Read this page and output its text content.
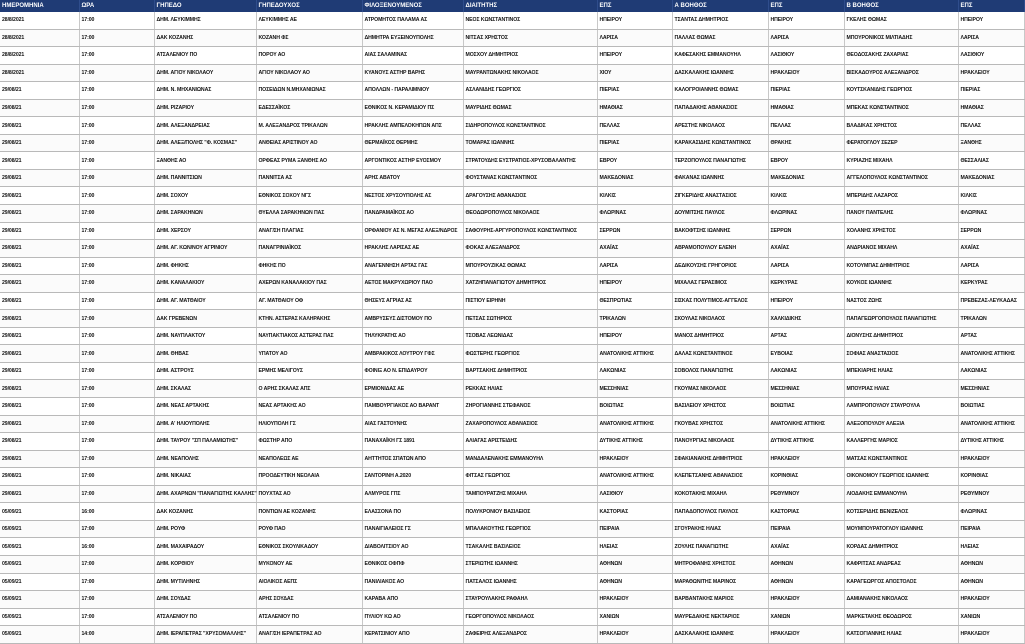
ΗΜΕΡΟΜΗΝΙΑ	ΩΡΑ	ΓΗΠΕΔΟ	ΓΗΠΕΔΟΥΧΟΣ	ΦΙΛΟΞΕΝΟΥΜΕΝΟΣ	ΔΙΑΙΤΗΤΗΣ	ΕΠΣ	Α ΒΟΗΘΟΣ	ΕΠΣ	Β ΒΟΗΘΟΣ	ΕΠΣ
28/8/2021	17:00	ΔΗΜ. ΛΕΥΚΙΜΜΗΣ	ΛΕΥΚΙΜΜΗΣ ΑΕ	ΑΤΡΟΜΗΤΟΣ ΠΑΛΑΜΑ ΑΣ	ΝΕΟΣ ΚΩΝΣΤΑΝΤΙΝΟΣ	ΗΠΕΙΡΟΥ	ΤΣΑΝΤΑΣ ΔΗΜΗΤΡΙΟΣ	ΗΠΕΙΡΟΥ	ΓΚΕΛΗΣ ΘΩΜΑΣ	ΗΠΕΙΡΟΥ
28/8/2021	17:00	ΔΑΚ ΚΟΖΑΝΗΣ	ΚΟΖΑΝΗ ΦΣ	ΔΗΜΗΤΡΑ ΕΥΞΕΙΝΟΥΠΟΛΗΣ	ΝΙΤΣΑΣ ΧΡΗΣΤΟΣ	ΛΑΡΙΣΑ	ΠΑΛΛΑΣ ΘΩΜΑΣ	ΛΑΡΙΣΑ	ΜΠΟΥΡΟΝΙΚΟΣ ΜΙΛΤΙΑΔΗΣ	ΛΑΡΙΣΑ
28/8/2021	17:00	ΑΤΣΑΛΕΝΙΟΥ ΠΟ	ΠΟΡΟΥ ΑΟ	ΑΙΑΣ ΣΑΛΑΜΙΝΑΣ	ΜΟΣΧΟΥ ΔΗΜΗΤΡΙΟΣ	ΗΠΕΙΡΟΥ	ΚΑΦΕΣΑΚΗΣ ΕΜΜΑΝΟΥΗΛ	ΛΑΣΙΘΙΟΥ	ΘΕΟΔΟΣΑΚΗΣ ΖΑΧΑΡΙΑΣ	ΛΑΣΙΘΙΟΥ
28/8/2021	17:00	ΔΗΜ. ΑΓΙΟΥ ΝΙΚΟΛΑΟΥ	ΑΓΙΟΥ ΝΙΚΟΛΑΟΥ ΑΟ	ΚΥΑΝΟΥΣ ΑΣΤΗΡ ΒΑΡΗΣ	ΜΑΥΡΑΝΤΩΝΑΚΗΣ ΝΙΚΟΛΑΟΣ	ΧΙΟΥ	ΔΑΣΚΑΛΑΚΗΣ ΙΩΑΝΝΗΣ	ΗΡΑΚΛΕΙΟΥ	ΒΙΣΚΑΔΟΥΡΟΣ ΑΛΕΞΑΝΔΡΟΣ	ΗΡΑΚΛΕΙΟΥ
29/08/21	17:00	ΔΗΜ. Ν. ΜΗΧΑΝΙΩΝΑΣ	ΠΟΣΕΙΔΩΝ Ν.ΜΗΧΑΝΙΩΝΑΣ	ΑΠΟΛΛΩΝ - ΠΑΡΑΛΙΜΝΙΟΥ	ΑΣΛΑΝΙΔΗΣ ΓΕΩΡΓΙΟΣ	ΠΙΕΡΙΑΣ	ΚΑΛΟΓΡΟΙΑΝΝΗΣ ΘΩΜΑΣ	ΠΙΕΡΙΑΣ	ΚΟΥΤΣΚΑΝΙΔΗΣ ΓΕΩΡΓΙΟΣ	ΠΙΕΡΙΑΣ
29/08/21	17:00	ΔΗΜ. ΡΙΖΑΡΙΟΥ	ΕΔΕΣΣΑΪΚΟΣ	ΕΘΝΙΚΟΣ Ν. ΚΕΡΑΜΙΔΙΟΥ ΠΣ	ΜΑΥΡΙΔΗΣ ΘΩΜΑΣ	ΗΜΑΘΙΑΣ	ΠΑΠΑΔΑΚΗΣ ΑΘΑΝΑΣΙΟΣ	ΗΜΑΘΙΑΣ	ΜΠΕΚΑΣ ΚΩΝΣΤΑΝΤΙΝΟΣ	ΗΜΑΘΙΑΣ
29/08/21	17:00	ΔΗΜ. ΑΛΕΞΑΝΔΡΕΙΑΣ	Μ. ΑΛΕΞΑΝΔΡΟΣ ΤΡΙΚΑΛΩΝ	ΗΡΑΚΛΗΣ ΑΜΠΕΛΟΚΗΠΩΝ ΑΠΣ	ΣΙΔΗΡΟΠΟΥΛΟΣ ΚΩΝΣΤΑΝΤΙΝΟΣ	ΠΕΛΛΑΣ	ΑΡΕΣΤΗΣ ΝΙΚΟΛΑΟΣ	ΠΕΛΛΑΣ	ΒΛΑΔΙΚΑΣ ΧΡΗΣΤΟΣ	ΠΕΛΛΑΣ
29/08/21	17:00	ΔΗΜ. ΑΛΕΞ/ΠΟΛΗΣ "Φ. ΚΟΣΜΑΣ"	ΑΝΘΕΙΑΣ ΑΡΙΣΤΙΝΟΥ ΑΟ	ΘΕΡΜΑΪΚΟΣ ΘΕΡΜΗΣ	ΤΟΜΑΡΑΣ ΙΩΑΝΝΗΣ	ΠΙΕΡΙΑΣ	ΚΑΡΑΚΑΣΙΔΗΣ ΚΩΝΣΤΑΝΤΙΝΟΣ	ΘΡΑΚΗΣ	ΦΕΡΑΤΟΓΛΟΥ ΣΕΖΕΡ	ΞΑΝΘΗΣ
29/08/21	17:00	ΞΑΝΘΗΣ ΑΟ	ΟΡΦΕΑΣ ΡΥΜΑ ΞΑΝΘΗΣ ΑΟ	ΑΡΓΟΝΤΙΚΟΣ ΑΣΤΗΡ ΕΥΟΣΜΟΥ	ΣΤΡΑΤΟΥΔΗΣ ΕΥΣΤΡΑΤΙΟΣ-ΧΡΥΣΟΒΑΛΑΝΤΗΣ	ΕΒΡΟΥ	ΤΕΡΖΟΠΟΥΛΟΣ ΠΑΝΑΓΙΩΤΗΣ	ΕΒΡΟΥ	ΚΥΡΙΑΖΗΣ ΜΙΧΑΗΛ	ΘΕΣΣΑΛΙΑΣ
29/08/21	17:00	ΔΗΜ. ΠΑΝΝΙΤΣΙΩΝ	ΠΑΝΝΙΤΣΑ ΑΣ	ΑΡΗΣ ΑΒΑΤΟΥ	ΦΟΥΣΤΑΝΑΣ ΚΩΝΣΤΑΝΤΙΝΟΣ	ΜΑΚΕΔΟΝΙΑΣ	ΦΑΚΑΝΑΣ ΙΩΑΝΝΗΣ	ΜΑΚΕΔΟΝΙΑΣ	ΑΓΓΕΛΟΠΟΥΛΟΣ ΚΩΝΣΤΑΝΤΙΝΟΣ	ΜΑΚΕΔΟΝΙΑΣ
29/08/21	17:00	ΔΗΜ. ΣΟΧΟΥ	ΕΘΝΙΚΟΣ ΣΟΧΟΥ ΝΓΣ	ΝΕΣΤΟΣ ΧΡΥΣΟΥΠΟΛΗΣ ΑΣ	ΔΡΑΓΟΥΣΗΣ ΑΘΑΝΑΣΙΟΣ	ΚΙΛΚΙΣ	ΖΙΓΚΕΡΙΔΗΣ ΑΝΑΣΤΑΣΙΟΣ	ΚΙΛΚΙΣ	ΜΠΕΡΙΔΗΣ ΛΑΖΑΡΟΣ	ΚΙΛΚΙΣ
29/08/21	17:00	ΔΗΜ. ΣΑΡΑΚΗΝΩΝ	ΘΥΕΛΛΑ ΣΑΡΑΚΗΝΩΝ ΠΑΣ	ΠΑΝΔΡΑΜΑΪΚΟΣ ΑΟ	ΘΕΟΔΩΡΟΠΟΥΛΟΣ ΝΙΚΟΛΑΟΣ	ΦΛΩΡΙΝΑΣ	ΔΟΥΜΙΤΣΗΣ ΠΑΥΛΟΣ	ΦΛΩΡΙΝΑΣ	ΠΑΝΟΥ ΠΑΝΤΕΛΗΣ	ΦΛΩΡΙΝΑΣ
29/08/21	17:00	ΔΗΜ. ΧΕΡΣΟΥ	ΑΝΑΓ/ΣΗ ΠΛΑΓΙΑΣ	ΟΡΦΑΝΙΟΥ ΑΣ Ν. ΜΕΓΑΣ ΑΛΕΞ/ΝΔΡΟΣ	ΣΑΦΟΥΡΗΣ-ΑΡΓΥΡΟΠΟΥΛΟΣ ΚΩΝΣΤΑΝΤΙΝΟΣ	ΣΕΡΡΩΝ	ΒΑΚΟΦΤΣΗΣ ΙΩΑΝΝΗΣ	ΣΕΡΡΩΝ	ΧΟΛΑΝΗΣ ΧΡΗΣΤΟΣ	ΣΕΡΡΩΝ
29/08/21	17:00	ΔΗΜ. ΑΓ. ΚΩΝ/ΝΟΥ ΑΓΡΙΝΙΟΥ	ΠΑΝΑΓΡΙΝΙΑΪΚΟΣ	ΗΡΑΚΛΗΣ ΛΑΡΙΣΑΣ ΑΕ	ΦΟΚΑΣ ΑΛΕΞΑΝΔΡΟΣ	ΑΧΑΪΑΣ	ΑΒΡΑΜΟΠΟΥΛΟΥ ΕΛΕΝΗ	ΑΧΑΪΑΣ	ΑΝΔΡΙΑΝΟΣ ΜΙΧΑΗΛ	ΑΧΑΪΑΣ
29/08/21	17:00	ΔΗΜ. ΦΗΚΗΣ	ΦΗΚΗΣ ΠΟ	ΑΝΑΓΕΝΝΗΣΗ ΑΡΤΑΣ ΓΑΣ	ΜΠΟΥΡΟΥΖΙΚΑΣ ΘΩΜΑΣ	ΛΑΡΙΣΑ	ΔΕΔΙΚΟΥΣΗΣ ΓΡΗΓΟΡΙΟΣ	ΛΑΡΙΣΑ	ΚΟΤΟΥΜΠΑΣ ΔΗΜΗΤΡΙΟΣ	ΛΑΡΙΣΑ
29/08/21	17:00	ΔΗΜ. ΚΑΝΑΛΑΚΙΟΥ	ΑΧΕΡΩΝ ΚΑΝΑΛΑΚΙΟΥ ΠΑΣ	ΑΕΤΟΣ ΜΑΚΡΥΧΩΡΙΟΥ ΠΑΟ	ΧΑΤΖΗΠΑΝΑΓΙΩΤΟΥ ΔΗΜΗΤΡΙΟΣ	ΗΠΕΙΡΟΥ	ΜΙΧΑΛΑΣ ΓΕΡΑΣΙΜΟΣ	ΚΕΡΚΥΡΑΣ	ΚΟΥΚΟΣ ΙΩΑΝΝΗΣ	ΚΕΡΚΥΡΑΣ
29/08/21	17:00	ΔΗΜ. ΑΓ. ΜΑΤΘΑΙΟΥ	ΑΓ. ΜΑΤΘΑΙΟΥ ΟΦ	ΘΗΣΕΥΣ ΑΓΡΙΑΣ ΑΣ	ΠΙΣΤΙΟΥ ΕΙΡΗΝΗ	ΘΕΣΠΡΩΤΙΑΣ	ΣΙΣΚΑΣ ΠΟΛΥΤΙΜΟΣ-ΑΓΓΕΛΟΣ	ΗΠΕΙΡΟΥ	ΝΑΣΤΟΣ ΖΩΗΣ	ΠΡΕΒΕΖΑΣ-ΛΕΥΚΑΔΑΣ
29/08/21	17:00	ΔΑΚ ΓΡΕΒΕΝΩΝ	ΚΤΗΝ. ΑΣΤΕΡΑΣ ΚΑΛΗΡΑΚΗΣ	ΑΜΒΡΥΣΕΥΣ ΔΙΣΤΟΜΟΥ ΠΟ	ΠΕΤΣΑΣ ΣΩΤΗΡΙΟΣ	ΤΡΙΚΑΛΩΝ	ΣΚΟΥΛΑΣ ΝΙΚΟΛΑΟΣ	ΧΑΛΚΙΔΙΚΗΣ	ΠΑΠΑΓΕΩΡΓΟΠΟΥΛΟΣ ΠΑΝΑΓΙΩΤΗΣ	ΤΡΙΚΑΛΩΝ
29/08/21	17:00	ΔΗΜ. ΝΑΥΠΛΑΚΤΟΥ	ΝΑΥΠΑΚΤΙΑΚΟΣ ΑΣΤΕΡΑΣ ΠΑΣ	ΤΗΛΥΚΡΑΤΗΣ ΑΟ	ΤΣΟΒΑΣ ΛΕΩΝΙΔΑΣ	ΗΠΕΙΡΟΥ	ΜΑΝΟΣ ΔΗΜΗΤΡΙΟΣ	ΑΡΤΑΣ	ΔΙΟΝΥΣΗΣ ΔΗΜΗΤΡΙΟΣ	ΑΡΤΑΣ
29/08/21	17:00	ΔΗΜ. ΘΗΒΑΣ	ΥΠΑΤΟΥ ΑΟ	ΑΜΒΡΑΚΙΚΟΣ ΛΟΥΤΡΟΥ ΓΦΣ	ΦΩΣΤΕΡΗΣ ΓΕΩΡΓΙΟΣ	ΑΝΑΤΟΛΙΚΗΣ ΑΤΤΙΚΗΣ	ΔΑΛΑΣ ΚΩΝΣΤΑΝΤΙΝΟΣ	ΕΥΒΟΙΑΣ	ΣΟΦΙΑΣ ΑΝΑΣΤΑΣΙΟΣ	ΑΝΑΤΟΛΙΚΗΣ ΑΤΤΙΚΗΣ
29/08/21	17:00	ΔΗΜ. ΑΣΤΡΟΥΣ	ΕΡΜΗΣ ΜΕΛΙΓΟΥΣ	ΦΟΙΝΙΞ ΑΟ Ν. ΕΠΙΔΑΥΡΟΥ	ΒΑΡΤΣΑΚΗΣ ΔΗΜΗΤΡΙΟΣ	ΛΑΚΩΝΙΑΣ	ΣΟΒΟΛΟΣ ΠΑΝΑΓΙΩΤΗΣ	ΛΑΚΩΝΙΑΣ	ΜΠΕΚΙΑΡΗΣ ΗΛΙΑΣ	ΛΑΚΩΝΙΑΣ
29/08/21	17:00	ΔΗΜ. ΣΚΑΛΑΣ	Ο ΑΡΗΣ ΣΚΑΛΑΣ ΑΠΣ	ΕΡΜΙΟΝΙΔΑΣ ΑΕ	ΡΕΚΚΑΣ ΗΛΙΑΣ	ΜΕΣΣΗΝΙΑΣ	ΓΚΟΥΜΑΣ ΝΙΚΟΛΑΟΣ	ΜΕΣΣΗΝΙΑΣ	ΜΠΟΥΡΙΑΣ ΗΛΙΑΣ	ΜΕΣΣΗΝΙΑΣ
29/08/21	17:00	ΔΗΜ. ΝΕΑΣ ΑΡΤΑΚΗΣ	ΝΕΑΣ ΑΡΤΑΚΗΣ ΑΟ	ΠΑΜΒΟΥΡΓΙΑΚΟΣ ΑΟ ΒΑΡΑΝΤ	ΖΗΡΟΓΙΑΝΝΗΣ ΣΤΕΦΑΝΟΣ	ΒΟΙΩΤΙΑΣ	ΒΑΣΙΛΕΙΟΥ ΧΡΗΣΤΟΣ	ΒΟΙΩΤΙΑΣ	ΛΑΜΠΡΟΠΟΥΛΟΥ ΣΤΑΥΡΟΥΛΑ	ΒΟΙΩΤΙΑΣ
29/08/21	17:00	ΔΗΜ. Α' ΗΛΙΟΥΠΟΛΗΣ	ΗΛΙΟΥΠΟΛΗ ΓΣ	ΑΙΑΣ ΓΑΣΤΟΥΝΗΣ	ΖΑΧΑΡΟΠΟΥΛΟΣ ΑΘΑΝΑΣΙΟΣ	ΑΝΑΤΟΛΙΚΗΣ ΑΤΤΙΚΗΣ	ΓΚΟΥΒΑΣ ΧΡΗΣΤΟΣ	ΑΝΑΤΟΛΙΚΗΣ ΑΤΤΙΚΗΣ	ΑΛΕΞΟΠΟΥΛΟΥ ΑΛΕΞΙΑ	ΑΝΑΤΟΛΙΚΗΣ ΑΤΤΙΚΗΣ
29/08/21	17:00	ΔΗΜ. ΤΑΥΡΟΥ "ΣΠ ΠΑΛΑΜΙΩΤΗΣ"	ΦΩΣΤΗΡ ΑΠΟ	ΠΑΝΑΧΑΪΚΗ ΓΣ 1891	ΑΛΙΑΓΑΣ ΑΡΙΣΤΕΙΔΗΣ	ΔΥΤΙΚΗΣ ΑΤΤΙΚΗΣ	ΠΑΝΟΥΡΓΙΑΣ ΝΙΚΟΛΑΟΣ	ΔΥΤΙΚΗΣ ΑΤΤΙΚΗΣ	ΚΑΛΛΕΡΓΗΣ ΜΑΡΙΟΣ	ΔΥΤΙΚΗΣ ΑΤΤΙΚΗΣ
29/08/21	17:00	ΔΗΜ. ΝΕΑΠΟΛΗΣ	ΝΕΑΠΟΛΕΩΣ ΑΕ	ΑΗΤΤΗΤΟΣ ΣΠΑΤΩΝ ΑΠΟ	ΜΑΝΔΑΛΕΝΑΚΗΣ ΕΜΜΑΝΟΥΗΛ	ΗΡΑΚΛΕΙΟΥ	ΣΦΑΚΙΑΝΑΚΗΣ ΔΗΜΗΤΡΙΟΣ	ΗΡΑΚΛΕΙΟΥ	ΜΑΤΣΑΣ ΚΩΝΣΤΑΝΤΙΝΟΣ	ΗΡΑΚΛΕΙΟΥ
29/08/21	17:00	ΔΗΜ. ΝΙΚΑΙΑΣ	ΠΡΟΟΔΕΥΤΙΚΗ ΝΕΟΛΑΙΑ	ΣΑΝΤΟΡΙΝΗ Α.2020	ΦΙΤΣΑΣ ΓΕΩΡΓΙΟΣ	ΑΝΑΤΟΛΙΚΗΣ ΑΤΤΙΚΗΣ	ΚΛΕΠΕΤΣΑΝΗΣ ΑΘΑΝΑΣΙΟΣ	ΚΟΡΙΝΘΙΑΣ	ΟΙΚΟΝΟΜΟΥ ΓΕΩΡΓΙΟΣ ΙΩΑΝΝΗΣ	ΚΟΡΙΝΘΙΑΣ
29/08/21	17:00	ΔΗΜ. ΑΧΑΡΝΩΝ "ΠΑΝΑΓΙΩΤΗΣ ΚΑΛΛΗΣ"	ΠΟΥΧΤΑΣ ΑΟ	ΑΛΜΥΡΟΣ ΓΠΣ	ΤΑΜΠΟΥΡΑΤΖΗΣ ΜΙΧΑΗΛ	ΛΑΣΙΘΙΟΥ	ΚΟΚΟΤΑΚΗΣ ΜΙΧΑΗΛ	ΡΕΘΥΜΝΟΥ	ΛΙΟΔΑΚΗΣ ΕΜΜΑΝΟΥΗΛ	ΡΕΘΥΜΝΟΥ
05/09/21	16:00	ΔΑΚ ΚΟΖΑΝΗΣ	ΠΟΝΤΙΩΝ ΑΕ ΚΟΖΑΝΗΣ	ΕΛΑΣΣΟΝΑ ΠΟ	ΠΟΛΥΚΡΟΝΙΟΥ ΒΑΣΙΛΕΙΟΣ	ΚΑΣΤΟΡΙΑΣ	ΠΑΠΑΔΟΠΟΥΛΟΣ ΠΑΥΛΟΣ	ΚΑΣΤΟΡΙΑΣ	ΚΟΤΣΕΡΙΔΗΣ ΒΕΝΙΖΕΛΟΣ	ΦΛΩΡΙΝΑΣ
05/09/21	17:00	ΔΗΜ. ΡΟΥΦ	ΡΟΥΦ ΠΑΟ	ΠΑΝΑΙΓΙΑΛΕΙΟΣ ΓΣ	ΜΠΑΛΑΚΟΥΤΗΣ ΓΕΩΡΓΙΟΣ	ΠΕΙΡΑΙΑ	ΣΓΟΥΡΑΚΗΣ ΗΛΙΑΣ	ΠΕΙΡΑΙΑ	ΜΟΥΜΠΟΥΡΑΤΟΓΛΟΥ ΙΩΑΝΝΗΣ	ΠΕΙΡΑΙΑ
05/09/21	16:00	ΔΗΜ. ΜΑΧΑΙΡΑΔΟΥ	ΕΘΝΙΚΟΣ ΣΚΟΥΛΙΚΑΔΟΥ	ΔΙΑΒΟΛΙΤΣΙΟΥ ΑΟ	ΤΣΑΚΑΛΗΣ ΒΑΣΙΛΕΙΟΣ	ΗΛΕΙΑΣ	ΖΟΥΛΗΣ ΠΑΝΑΓΙΩΤΗΣ	ΑΧΑΪΑΣ	ΚΟΡΔΑΣ ΔΗΜΗΤΡΙΟΣ	ΗΛΕΙΑΣ
05/09/21	17:00	ΔΗΜ. ΚΟΡΘΙΟΥ	ΜΥΚΟΝΟΥ ΑΕ	ΕΘΝΙΚΟΣ ΟΦΠΦ	ΣΤΕΡΙΩΤΗΣ ΙΩΑΝΝΗΣ	ΑΘΗΝΩΝ	ΜΗΤΡΟΦΑΝΗΣ ΧΡΗΣΤΟΣ	ΑΘΗΝΩΝ	ΚΑΦΡΙΤΣΑΣ ΑΝΔΡΕΑΣ	ΑΘΗΝΩΝ
05/09/21	17:00	ΔΗΜ. ΜΥΤΙΛΗΝΗΣ	ΑΙΟΛΙΚΟΣ ΑΕΠΣ	ΠΑΝΙΛΙΑΚΟΣ ΑΟ	ΠΑΤΣΑΛΟΣ ΙΩΑΝΝΗΣ	ΑΘΗΝΩΝ	ΜΑΡΑΘΩΝΙΤΗΣ ΜΑΡΙΝΟΣ	ΑΘΗΝΩΝ	ΚΑΡΑΓΕΩΡΓΟΣ ΑΠΟΣΤΟΛΟΣ	ΑΘΗΝΩΝ
05/09/21	17:00	ΔΗΜ. ΣΟΥΔΑΣ	ΑΡΗΣ ΣΟΥΔΑΣ	ΚΑΡΑΒΑ ΑΠΟ	ΣΤΑΥΡΟΥΛΑΚΗΣ ΡΑΦΑΗΛ	ΗΡΑΚΛΕΙΟΥ	ΒΑΡΒΑΝΤΑΚΗΣ ΜΑΡΙΟΣ	ΗΡΑΚΛΕΙΟΥ	ΔΑΜΙΑΝΑΚΗΣ ΝΙΚΟΛΑΟΣ	ΗΡΑΚΛΕΙΟΥ
05/09/21	17:00	ΑΤΣΑΛΕΝΙΟΥ ΠΟ	ΑΤΣΑΛΕΝΙΟΥ ΠΟ	ΠΥΛΙΟΥ ΚΩ ΑΟ	ΓΕΩΡΓΟΠΟΥΛΟΣ ΝΙΚΟΛΑΟΣ	ΧΑΝΙΩΝ	ΜΑΥΡΕΔΑΚΗΣ ΝΕΚΤΑΡΙΟΣ	ΧΑΝΙΩΝ	ΜΑΡΚΕΤΑΚΗΣ ΘΕΟΔΩΡΟΣ	ΧΑΝΙΩΝ
05/09/21	14:00	ΔΗΜ. ΙΕΡΑΠΕΤΡΑΣ "ΧΡΥΣΟΜΑΛΛΗΣ"	ΑΝΑΓ/ΣΗ ΙΕΡΑΠΕΤΡΑΣ ΑΟ	ΚΕΡΑΤΣΙΝΙΟΥ ΑΠΟ	ΖΑΦΕΙΡΗΣ ΑΛΕΞΑΝΔΡΟΣ	ΗΡΑΚΛΕΙΟΥ	ΔΑΣΚΑΛΑΚΗΣ ΙΩΑΝΝΗΣ	ΗΡΑΚΛΕΙΟΥ	ΚΑΤΣΟΓΙΑΝΝΗΣ ΗΛΙΑΣ	ΗΡΑΚΛΕΙΟΥ
